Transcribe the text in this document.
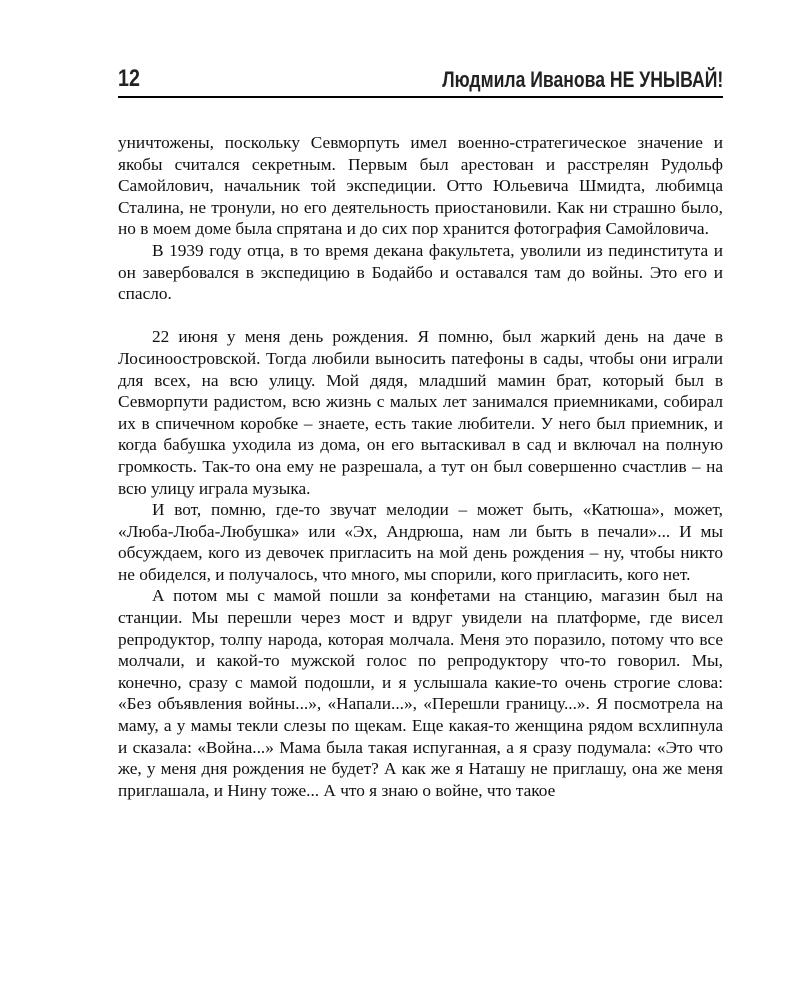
12	Людмила Иванова НЕ УНЫВАЙ!

уничтожены, поскольку Севморпуть имел военно-стратегическое значение и якобы считался секретным. Первым был арестован и расстрелян Рудольф Самойлович, начальник той экспедиции. Отто Юльевича Шмидта, любимца Сталина, не тронули, но его деятельность приостановили. Как ни страшно было, но в моем доме была спрятана и до сих пор хранится фотография Самойловича.

В 1939 году отца, в то время декана факультета, уволили из пединститута и он завербовался в экспедицию в Бодайбо и оставался там до войны. Это его и спасло.

22 июня у меня день рождения. Я помню, был жаркий день на даче в Лосиноостровской. Тогда любили выносить патефоны в сады, чтобы они играли для всех, на всю улицу. Мой дядя, младший мамин брат, который был в Севморпути радистом, всю жизнь с малых лет занимался приемниками, собирал их в спичечном коробке – знаете, есть такие любители. У него был приемник, и когда бабушка уходила из дома, он его вытаскивал в сад и включал на полную громкость. Так-то она ему не разрешала, а тут он был совершенно счастлив – на всю улицу играла музыка.

И вот, помню, где-то звучат мелодии – может быть, «Катюша», может, «Люба-Люба-Любушка» или «Эх, Андрюша, нам ли быть в печали»... И мы обсуждаем, кого из девочек пригласить на мой день рождения – ну, чтобы никто не обиделся, и получалось, что много, мы спорили, кого пригласить, кого нет.

А потом мы с мамой пошли за конфетами на станцию, магазин был на станции. Мы перешли через мост и вдруг увидели на платформе, где висел репродуктор, толпу народа, которая молчала. Меня это поразило, потому что все молчали, и какой-то мужской голос по репродуктору что-то говорил. Мы, конечно, сразу с мамой подошли, и я услышала какие-то очень строгие слова: «Без объявления войны...», «Напали...», «Перешли границу...». Я посмотрела на маму, а у мамы текли слезы по щекам. Еще какая-то женщина рядом всхлипнула и сказала: «Война...» Мама была такая испуганная, а я сразу подумала: «Это что же, у меня дня рождения не будет? А как же я Наташу не приглашу, она же меня приглашала, и Нину тоже... А что я знаю о войне, что такое
